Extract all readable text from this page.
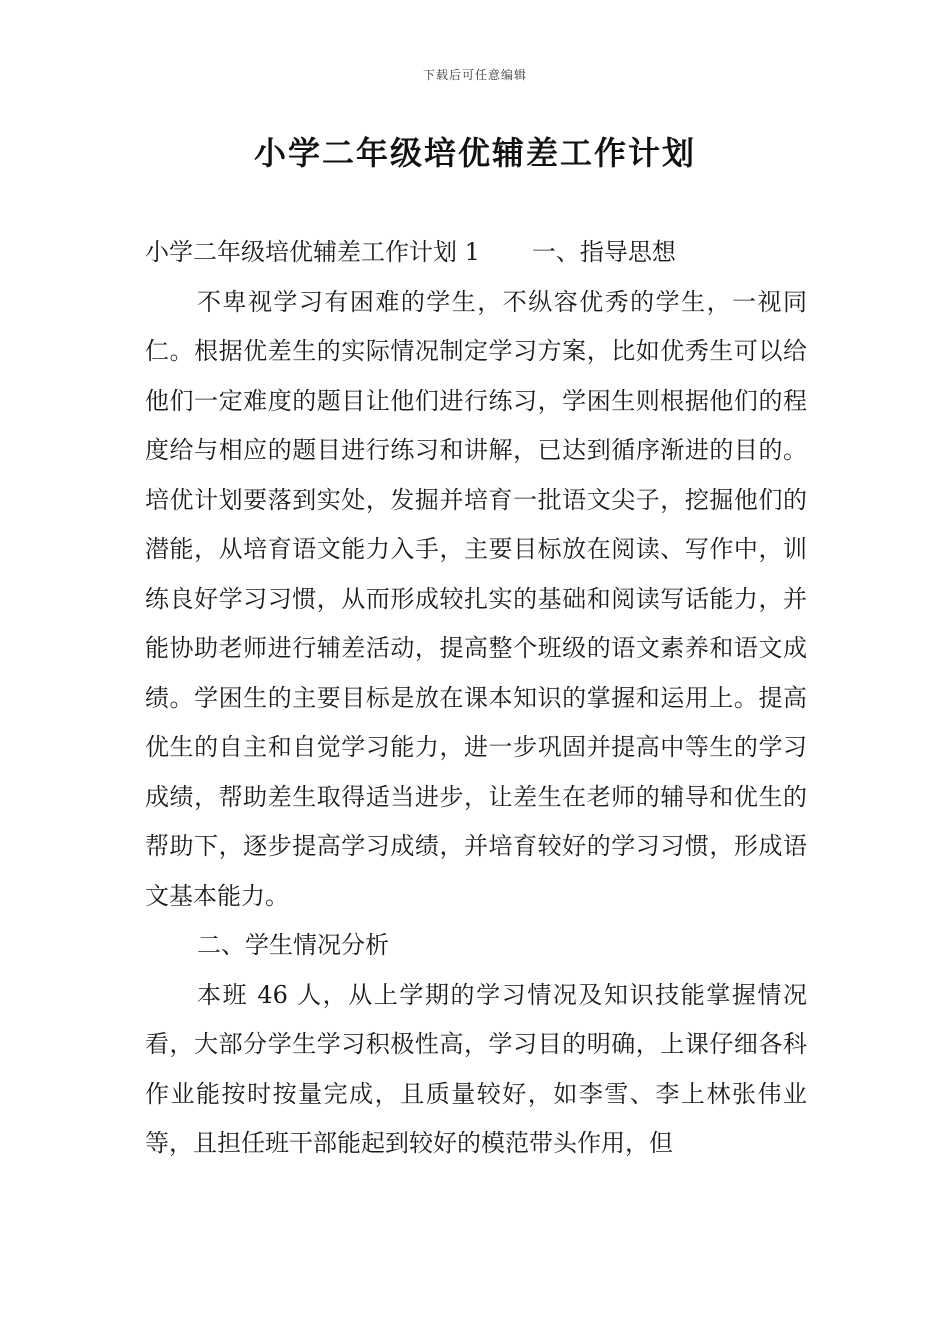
下载后可任意编辑
小学二年级培优辅差工作计划

小学二年级培优辅差工作计划 1 一、指导思想

不卑视学习有困难的学生，不纵容优秀的学生，一视同仁。根据优差生的实际情况制定学习方案，比如优秀生可以给他们一定难度的题目让他们进行练习，学困生则根据他们的程度给与相应的题目进行练习和讲解，已达到循序渐进的目的。培优计划要落到实处，发掘并培育一批语文尖子，挖掘他们的潜能，从培育语文能力入手，主要目标放在阅读、写作中，训练良好学习习惯，从而形成较扎实的基础和阅读写话能力，并能协助老师进行辅差活动，提高整个班级的语文素养和语文成绩。学困生的主要目标是放在课本知识的掌握和运用上。提高优生的自主和自觉学习能力，进一步巩固并提高中等生的学习成绩，帮助差生取得适当进步，让差生在老师的辅导和优生的帮助下，逐步提高学习成绩，并培育较好的学习习惯，形成语文基本能力。

二、学生情况分析

本班 46 人，从上学期的学习情况及知识技能掌握情况看，大部分学生学习积极性高，学习目的明确，上课仔细各科作业能按时按量完成，且质量较好，如李雪、李上林张伟业等，且担任班干部能起到较好的模范带头作用，但
